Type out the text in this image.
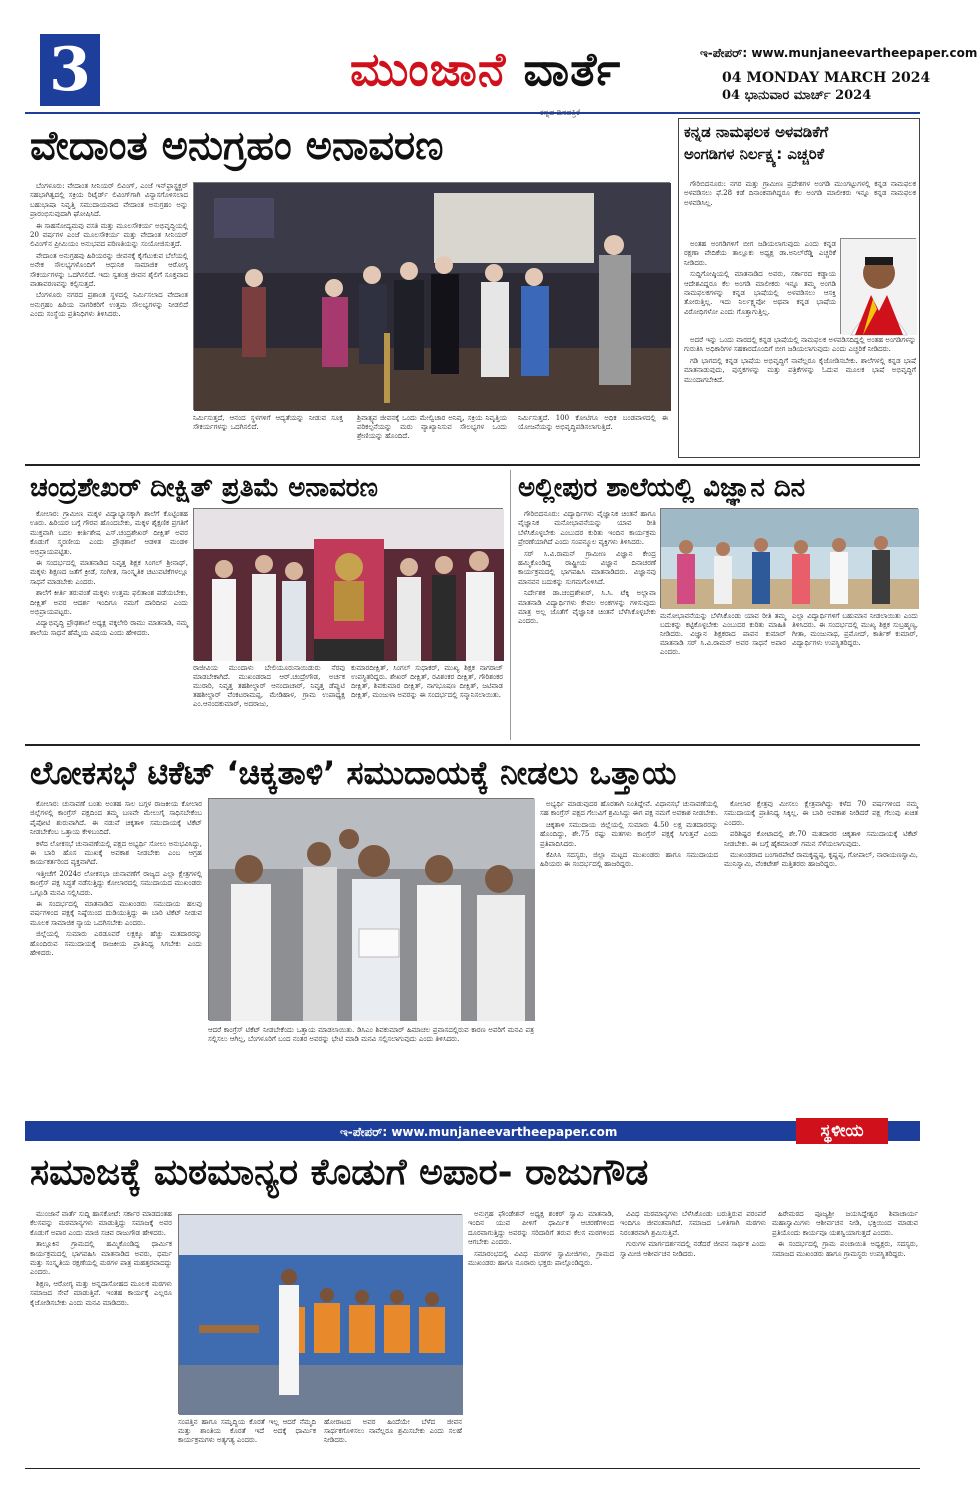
3	ಮುಂಜಾನೆ ವಾರ್ತೆ	ಇ-ಪೇಪರ್: www.munjaneevartheepaper.com
04 MONDAY MARCH 2024
04 ಭಾನುವಾರ ಮಾರ್ಚ್ 2024
ವೇದಾಂತ ಅನುಗ್ರಹಂ ಅನಾವರಣ

ಬೆಂಗಳೂರು: ವೇದಾಂತ ಸೀನಿಯರ್ ಲಿವಿಂಗ್, ಎಂಜೆ ಇನ್‌ಫ್ರಾಸ್ಟ್ರಕ್ಚರ್ ಸಹಭಾಗಿತ್ವದಲ್ಲಿ ಸಕ್ರಿಯ ರಿಟೈರ್ಡ್ ಲಿವಿಂಗ್‌ಗಾಗಿ ವಿನ್ಯಾಸಗೊಳಿಸಲಾದ ಬಹುಭಾಷಾ ನಿವೃತ್ತಿ ಸಮುದಾಯವಾದ ವೇದಾಂತ ಅನುಗ್ರಹಂ ಅನ್ನು ಪ್ರಾರಂಭಿಸುವುದಾಗಿ ಘೋಷಿಸಿದೆ.

ಈ ಸಾಹಸೋದ್ಯಮವು ವಸತಿ ಮತ್ತು ಮೂಲಸೌಕರ್ಯ ಅಭಿವೃದ್ಧಿಯಲ್ಲಿ 20 ವರ್ಷಗಳ ಎಂಜೆ ಮೂಲಸೌಕರ್ಯ ಮತ್ತು ವೇದಾಂತ ಸೀನಿಯರ್ ಲಿವಿಂಗ್‌ನ ಪ್ರೀಮಿಯಂ ಅನುಭವದ ಪರಿಣತಿಯನ್ನು ಸಂಯೋಜಿಸುತ್ತದೆ.

ವೇದಾಂತ ಅನುಗ್ರಹವು ಹಿರಿಯರನ್ನು ಜೀವನಕ್ಕೆ ಕೈಗೆಟುಕುವ ಬೆಲೆಯಲ್ಲಿ ಅನೇಕ ಸೌಲಭ್ಯಗಳೊಂದಿಗೆ ಆಧುನಿಕ ಸಾಮಾಜಿಕ ಆರೋಗ್ಯ ಸೌಕರ್ಯಗಳನ್ನು ಒದಗಿಸಲಿದೆ. ಇದು ಸ್ವತಂತ್ರ ಜೀವನ ಶೈಲಿಗೆ ಸೂಕ್ತವಾದ ವಾತಾವರಣವನ್ನು ಕಲ್ಪಿಸುತ್ತದೆ.

ಬೆಂಗಳೂರು ನಗರದ ಪ್ರಶಾಂತ ಸ್ಥಳದಲ್ಲಿ ನಿರ್ಮಿಸಲಾದ ವೇದಾಂತ ಅನುಗ್ರಹಂ ಹಿರಿಯ ನಾಗರಿಕರಿಗೆ ಉತ್ತಮ ಸೌಲಭ್ಯಗಳನ್ನು ನೀಡಲಿದೆ ಎಂದು ಸಂಸ್ಥೆಯ ಪ್ರತಿನಿಧಿಗಳು ತಿಳಿಸಿದರು.

ನಿರ್ಮಿಸುತ್ತದೆ, ಆನಂದ ಸ್ಥಳಗಳಿಗೆ ಆದ್ಯತೆಯನ್ನು ನೀಡುವ ಸೂಕ್ತ ಸೌಕರ್ಯಗಳನ್ನು ಒದಗಿಸಲಿದೆ.
ಶ್ರಿವಾತ್ಸ್ಯವ ಜೀವನಕ್ಕೆ ಒಂದು ಮೇಲ್ವಿಚಾರ ಅನಿವೃ, ಸಕ್ರಿಯ ನಿವೃತ್ತಿಯ ಪರಿಕಲ್ಪನೆಯನ್ನು ಮರು ವ್ಯಾಖ್ಯಾನಿಸುವ ಸೌಲಭ್ಯಗಳ ಒಂದು ಶ್ರೇಣಿಯನ್ನು ಹೊಂದಿದೆ.
ನಿರ್ಮಿಸುತ್ತದೆ. 100 ಕೋಟಿಗೂ ಅಧಿಕ ಬಂಡವಾಳದಲ್ಲಿ ಈ ಯೋಜನೆಯನ್ನು ಅಭಿವೃದ್ಧಿಪಡಿಸಲಾಗುತ್ತಿದೆ.
ಕನ್ನಡ ನಾಮಫಲಕ ಅಳವಡಿಕೆಗೆ
ಅಂಗಡಿಗಳ ನಿರ್ಲಕ್ಷ್ಯ: ಎಚ್ಚರಿಕೆ

ಗೌರಿಬಿದನೂರು: ನಗರ ಮತ್ತು ಗ್ರಾಮೀಣ ಪ್ರದೇಶಗಳ ಅಂಗಡಿ ಮುಂಗಟ್ಟುಗಳಲ್ಲಿ ಕನ್ನಡ ನಾಮಫಲಕ ಅಳವಡಿಸಲು ಫೆ.28 ಕಡೆ ದಿನಾಂಕವಾಗಿದ್ದರೂ ಕೆಲ ಅಂಗಡಿ ಮಾಲೀಕರು ಇನ್ನೂ ಕನ್ನಡ ನಾಮಫಲಕ ಅಳವಡಿಸಿಲ್ಲ.

ಅಂತಹ ಅಂಗಡಿಗಳಿಗೆ ಬೀಗ ಜಡಿಯಲಾಗುವುದು ಎಂದು ಕನ್ನಡ ರಕ್ಷಣಾ ವೇದಿಕೆಯ ತಾಲ್ಲೂಕು ಅಧ್ಯಕ್ಷ ಡಾ.ಅನಿಲ್‌ರೆಡ್ಡಿ ಎಚ್ಚರಿಕೆ ನೀಡಿದರು.

ಸುದ್ದಿಗೋಷ್ಠಿಯಲ್ಲಿ ಮಾತನಾಡಿದ ಅವರು, ಸರ್ಕಾರದ ಕಡ್ಡಾಯ ಆದೇಶವಿದ್ದರೂ ಕೆಲ ಅಂಗಡಿ ಮಾಲೀಕರು ಇನ್ನೂ ತಮ್ಮ ಅಂಗಡಿ ನಾಮಫಲಕಗಳನ್ನು ಕನ್ನಡ ಭಾಷೆಯಲ್ಲಿ ಅಳವಡಿಸಲು ಆಸಕ್ತಿ ತೋರುತ್ತಿಲ್ಲ. ಇದು ನಿರ್ಲಕ್ಷ್ಯವೋ ಅಥವಾ ಕನ್ನಡ ಭಾಷೆಯ ವಿರೋಧಿಗಳೋ ಎಂದು ಗೊತ್ತಾಗುತ್ತಿಲ್ಲ.

ಅದರೆ ಇನ್ನು ಒಂದು ವಾರದಲ್ಲಿ ಕನ್ನಡ ಭಾಷೆಯಲ್ಲಿ ನಾಮಫಲಕ ಅಳವಡಿಸದಿದ್ದಲ್ಲಿ ಅಂತಹ ಅಂಗಡಿಗಳನ್ನು ಗುರುತಿಸಿ ಅಧಿಕಾರಿಗಳ ಸಹಕಾರದೊಂದಿಗೆ ಬೀಗ ಜಡಿಯಲಾಗುವುದು ಎಂದು ಎಚ್ಚರಿಕೆ ನೀಡಿದರು.

ಗಡಿ ಭಾಗದಲ್ಲಿ ಕನ್ನಡ ಭಾಷೆಯ ಅಭಿವೃದ್ಧಿಗೆ ನಾವೆಲ್ಲರೂ ಕೈಜೋಡಿಸಬೇಕು. ಶಾಲೆಗಳಲ್ಲಿ ಕನ್ನಡ ಭಾಷೆ ಮಾತನಾಡುವುದು, ಪುಸ್ತಕಗಳನ್ನು ಮತ್ತು ಪತ್ರಿಕೆಗಳನ್ನು ಓದುವ ಮೂಲಕ ಭಾಷೆ ಅಭಿವೃದ್ಧಿಗೆ ಮುಂದಾಗಬೇಕಿದೆ.

ಚಂದ್ರಶೇಖರ್ ದೀಕ್ಷಿತ್ ಪ್ರತಿಮೆ ಅನಾವರಣ

ಕೋಲಾರ: ಗ್ರಾಮೀಣ ಮಕ್ಕಳ ವಿದ್ಯಾಭ್ಯಾಸಕ್ಕಾಗಿ ಶಾಲೆಗೆ ಕೊಟ್ಟಿಂತಹ ಊರು. ಹಿರಿಯರ ಬಗ್ಗೆ ಗೌರವ ಹೊಂದಬೇಕು, ಮಕ್ಕಳ ಶೈಕ್ಷಣಿಕ ಪ್ರಗತಿಗೆ ಮುಕ್ತವಾಗಿ ಬದಲ ಕೀರ್ತಿಶೇಷ ಎಸ್.ಚಂದ್ರಶೇಖರ್ ದೀಕ್ಷಿತ್ ಅವರ ಕೊಡುಗೆ ಸ್ಮರಣೀಯ ಎಂದು ಪ್ರೌಢಶಾಲೆ ಆಡಳಿತ ಮಂಡಳಿ ಅಭಿಪ್ರಾಯಪಟ್ಟಿತು.

ಈ ಸಂದರ್ಭದಲ್ಲಿ ಮಾತನಾಡಿದ ನಿವೃತ್ತ ಶಿಕ್ಷಕ ಸಿಂಗಲ್ ಶ್ರೀನಾಥ್, ಮಕ್ಕಳು ಶಿಕ್ಷಣದ ಜತೆಗೆ ಕ್ರೀಡೆ, ಸಂಗೀತ, ಸಾಂಸ್ಕೃತಿಕ ಚಟುವಟಿಕೆಗಳಲ್ಲೂ ಸಾಧನೆ ಮಾಡಬೇಕು ಎಂದರು.

ಶಾಲೆಗೆ ಕೀರ್ತಿ ತರುವಂತೆ ಮಕ್ಕಳು ಉತ್ತಮ ಫಲಿತಾಂಶ ಪಡೆಯಬೇಕು, ದೀಕ್ಷಿತ್ ಅವರ ಆದರ್ಶ ಇಂದಿಗೂ ನಮಗೆ ದಾರಿದೀಪ ಎಂದು ಅಭಿಪ್ರಾಯಪಟ್ಟರು.

ವಿದ್ಯಾಭಿವೃದ್ಧಿ ಪ್ರೌಢಶಾಲೆ ಅಧ್ಯಕ್ಷ ವಕ್ಕಲೇರಿ ರಾಮು ಮಾತನಾಡಿ, ನಮ್ಮ ಶಾಲೆಯ ಸಾಧನೆ ಹೆಮ್ಮೆಯ ವಿಷಯ ಎಂದು ಹೇಳಿದರು.

ರಾಜೀವಿಯ ಮುಂದಾಳು ಬೇಲಿಯೂರುನಾಯಿಡುರು ನೆರವು ಮಾಡಬೇಕಾಗಿದೆ. ಮುಖಂಡರಾದ ಆರ್.ಚಂದ್ರೇಗೌಡ, ಅರ್ಚಕ ಮುರಾರಿ, ನಿವೃತ್ತ ತಹಶೀಲ್ದಾರ್ ಆನಂದಾಚಾರ್, ನಿವೃತ್ತ ಡೆಪ್ಯುಟಿ ತಹಶೀಲ್ದಾರ್ ವೆಂಕಟರಾಮಪ್ಪ, ಮೇಡಿಹಾಳ, ಗ್ರಾಮ ಉಪಾಧ್ಯಕ್ಷ ಎಂ.ಆನಂದಕುಮಾರ್, ಅದರಾಜು,
ಕುಮಾರದೀಕ್ಷಿತ್, ಸಿಂಗಲ್ ಸುಧಾಕರ್, ಮುಖ್ಯ ಶಿಕ್ಷಕ ನಾಗರಾಜ್ ಉಪಸ್ಥಿತರಿದ್ದರು. ಶೇಖರ್ ದೀಕ್ಷಿತ್, ರವಿಶಂಕರ ದೀಕ್ಷಿತ್, ಗೌರಿಶಂಕರ ದೀಕ್ಷಿತ್, ಶಿವಕುಮಾರ ದೀಕ್ಷಿತ್, ನಾಗಭೂಷಣ ದೀಕ್ಷಿತ್, ಜಟಿವಾಡ ದೀಕ್ಷಿತ್, ಮಂಜುಳಾ ಅವರನ್ನು ಈ ಸಂದರ್ಭದಲ್ಲಿ ಸನ್ಮಾನಿಸಲಾಯಿತು.
ಅಲ್ಲೀಪುರ ಶಾಲೆಯಲ್ಲಿ ವಿಜ್ಞಾನ ದಿನ

ಗೌರಿಬಿದನೂರು: ವಿದ್ಯಾರ್ಥಿಗಳು ವೈಜ್ಞಾನಿಕ ಚಿಂತನೆ ಹಾಗೂ ವೈಜ್ಞಾನಿಕ ಮನೋಭಾವನೆಯನ್ನು ಯಾವ ರೀತಿ ಬೆಳೆಸಿಕೊಳ್ಳಬೇಕು ಎಂಬುದರ ಕುರಿತು ಇಂದಿನ ಕಾರ್ಯಕ್ರಮ ಪ್ರೇರಣೆಯಾಗಿದೆ ಎಂದು ಸಂಪನ್ಮೂಲ ವ್ಯಕ್ತಿಗಳು ತಿಳಿಸಿದರು.

ಸರ್ ಸಿ.ವಿ.ರಾಮನ್ ಗ್ರಾಮೀಣ ವಿಜ್ಞಾನ ಕೇಂದ್ರ ಹಮ್ಮಿಕೊಂಡಿದ್ದ ರಾಷ್ಟ್ರೀಯ ವಿಜ್ಞಾನ ದಿನಾಚರಣೆ ಕಾರ್ಯಕ್ರಮದಲ್ಲಿ ಭಾಗವಹಿಸಿ ಮಾತನಾಡಿದರು. ವಿಜ್ಞಾನವು ಮಾನವನ ಬದುಕನ್ನು ಸುಗಮಗೊಳಿಸಿದೆ.

ನಿರ್ದೇಶಕ ಡಾ.ಚಂದ್ರಶೇಖರ್, ಸಿ.ಸಿ. ಟೆಕ್ಕಿ ಅಲ್ಲಾವಾ ಮಾತನಾಡಿ ವಿದ್ಯಾರ್ಥಿಗಳು ಕೇವಲ ಅಂಕಗಳನ್ನು ಗಳಿಸುವುದು ಮಾತ್ರ ಅಲ್ಲ ಜೊತೆಗೆ ವೈಜ್ಞಾನಿಕ ಚಿಂತನೆ ಬೆಳೆಸಿಕೊಳ್ಳಬೇಕು ಎಂದರು.

ಮನೋಭಾವನೆಯನ್ನು ಬೆಳೆಸಿಕೊಂಡು ಯಾವ ರೀತಿ ತಮ್ಮ ಬದುಕನ್ನು ಕಟ್ಟಿಕೊಳ್ಳಬೇಕು ಎಂಬುದರ ಕುರಿತು ಮಾಹಿತಿ ನೀಡಿದರು. ವಿಜ್ಞಾನ ಶಿಕ್ಷಕರಾದ ಪಾವನ ಕುಮಾರ್ ಮಾತನಾಡಿ ಸರ್ ಸಿ.ವಿ.ರಾಮನ್ ಅವರ ಸಾಧನೆ ಅಪಾರ ಎಂದರು.
ಎಲ್ಲಾ ವಿದ್ಯಾರ್ಥಿಗಳಿಗೆ ಬಹುಮಾನ ನೀಡಲಾಯಿತು ಎಂದು ತಿಳಿಸಿದರು. ಈ ಸಂದರ್ಭದಲ್ಲಿ ಮುಖ್ಯ ಶಿಕ್ಷಕ ಸುಬ್ರಹ್ಮಣ್ಯ, ಗೀತಾ, ಮಂಜುನಾಥ, ಪ್ರಮೋದ್, ಕಾರ್ತಿಕ್ ಕುಮಾರ್, ವಿದ್ಯಾರ್ಥಿಗಳು ಉಪಸ್ಥಿತರಿದ್ದರು.
ಲೋಕಸಭೆ ಟಿಕೆಟ್ ‘ಚಿಕ್ಕತಾಳಿ’ ಸಮುದಾಯಕ್ಕೆ ನೀಡಲು ಒತ್ತಾಯ

ಕೋಲಾರ: ಚುನಾವಣೆ ಬಂತು ಅಂತಹ ಸಾಲ ಬಗ್ಗಳ ರಾಜಕೀಯ ಕೋಲಾರ ಜಿಲ್ಲೆಗಳಲ್ಲಿ ಕಾಂಗ್ರೆಸ್ ಪಕ್ಷದಿಂದ ತಮ್ಮ ಬಣವೇ ಮೇಲುಗೈ ಸಾಧಿಸಬೇಕೆಂಬ ಪೈಪೋಟಿ ಶುರುವಾಗಿದೆ. ಈ ನಡುವೆ ಚಿಕ್ಕತಾಳಿ ಸಮುದಾಯಕ್ಕೆ ಟಿಕೆಟ್ ನೀಡಬೇಕೆಂಬ ಒತ್ತಾಯ ಕೇಳಿಬಂದಿದೆ.

ಕಳೆದ ಲೋಕಸಭೆ ಚುನಾವಣೆಯಲ್ಲಿ ಪಕ್ಷದ ಅಭ್ಯರ್ಥಿ ಸೋಲು ಅನುಭವಿಸಿದ್ದು, ಈ ಬಾರಿ ಹೊಸ ಮುಖಕ್ಕೆ ಅವಕಾಶ ನೀಡಬೇಕು ಎಂಬ ಆಗ್ರಹ ಕಾರ್ಯಕರ್ತರಿಂದ ವ್ಯಕ್ತವಾಗಿದೆ.

ಇತ್ತೀಚೆಗೆ 2024ರ ಲೋಕಸಭಾ ಚುನಾವಣೆಗೆ ರಾಜ್ಯದ ಎಲ್ಲಾ ಕ್ಷೇತ್ರಗಳಲ್ಲಿ ಕಾಂಗ್ರೆಸ್ ಪಕ್ಷ ಸಿದ್ಧತೆ ನಡೆಸುತ್ತಿದ್ದು ಕೋಲಾರದಲ್ಲಿ ಸಮುದಾಯದ ಮುಖಂಡರು ಒಗ್ಗೂಡಿ ಮನವಿ ಸಲ್ಲಿಸಿದರು.

ಈ ಸಂದರ್ಭದಲ್ಲಿ ಮಾತನಾಡಿದ ಮುಖಂಡರು ಸಮುದಾಯ ಹಲವು ವರ್ಷಗಳಿಂದ ಪಕ್ಷಕ್ಕೆ ನಿಷ್ಠೆಯಿಂದ ದುಡಿಯುತ್ತಿದ್ದು ಈ ಬಾರಿ ಟಿಕೆಟ್ ನೀಡುವ ಮೂಲಕ ಸಾಮಾಜಿಕ ನ್ಯಾಯ ಒದಗಿಸಬೇಕು ಎಂದರು.

ಜಿಲ್ಲೆಯಲ್ಲಿ ಸುಮಾರು ಎರಡೂವರೆ ಲಕ್ಷಕ್ಕೂ ಹೆಚ್ಚು ಮತದಾರರನ್ನು ಹೊಂದಿರುವ ಸಮುದಾಯಕ್ಕೆ ರಾಜಕೀಯ ಪ್ರಾತಿನಿಧ್ಯ ಸಿಗಬೇಕು ಎಂದು ಹೇಳಿದರು.

ಆದರೆ ಕಾಂಗ್ರೆಸ್ ಟಿಕೆಟ್ ನೀಡಬೇಕೆಂದು ಒತ್ತಾಯ ಮಾಡಲಾಯಿತು. ಡಿಸಿಎಂ ಶಿವಕುಮಾರ್ ಹಿಮಾಚಲ ಪ್ರವಾಸದಲ್ಲಿರುವ ಕಾರಣ ಅವರಿಗೆ ಮನವಿ ಪತ್ರ ಸಲ್ಲಿಸಲು ಆಗಿಲ್ಲ, ಬೆಂಗಳೂರಿಗೆ ಬಂದ ನಂತರ ಅವರನ್ನು ಭೇಟಿ ಮಾಡಿ ಮನವಿ ಸಲ್ಲಿಸಲಾಗುವುದು ಎಂದು ತಿಳಿಸಿದರು.

ಅಭ್ಯರ್ಥಿ ಮಾಡುವುದರ ಹೊರತಾಗಿ ನಿಂತಿದ್ದೇವೆ. ವಿಧಾನಸಭೆ ಚುನಾವಣೆಯಲ್ಲಿ ಸಹ ಕಾಂಗ್ರೆಸ್ ಪಕ್ಷದ ಗೆಲುವಿಗೆ ಶ್ರಮಿಸಿದ್ದು ಈಗ ಪಕ್ಷ ನಮಗೆ ಅವಕಾಶ ನೀಡಬೇಕು.

ಚಿಕ್ಕತಾಳಿ ಸಮುದಾಯ ಜಿಲ್ಲೆಯಲ್ಲಿ ಸುಮಾರು 4.50 ಲಕ್ಷ ಮತದಾರರನ್ನು ಹೊಂದಿದ್ದು, ಶೇ.75 ರಷ್ಟು ಮತಗಳು ಕಾಂಗ್ರೆಸ್ ಪಕ್ಷಕ್ಕೆ ಸಿಗುತ್ತವೆ ಎಂದು ಪ್ರತಿಪಾದಿಸಿದರು.

ಕೆಪಿಸಿಸಿ ಸದಸ್ಯರು, ಜಿಲ್ಲಾ ಮಟ್ಟದ ಮುಖಂಡರು ಹಾಗೂ ಸಮುದಾಯದ ಹಿರಿಯರು ಈ ಸಂದರ್ಭದಲ್ಲಿ ಹಾಜರಿದ್ದರು.

ಕೋಲಾರ ಕ್ಷೇತ್ರವು ಮೀಸಲು ಕ್ಷೇತ್ರವಾಗಿದ್ದು ಕಳೆದ 70 ವರ್ಷಗಳಿಂದ ನಮ್ಮ ಸಮುದಾಯಕ್ಕೆ ಪ್ರಾತಿನಿಧ್ಯ ಸಿಕ್ಕಿಲ್ಲ. ಈ ಬಾರಿ ಅವಕಾಶ ನೀಡಿದರೆ ಪಕ್ಷ ಗೆಲುವು ಖಚಿತ ಎಂದರು.

ಪರಿಶಿಷ್ಟರ ಕೋಟಾದಲ್ಲಿ ಶೇ.70 ಮತದಾರರ ಚಿಕ್ಕತಾಳಿ ಸಮುದಾಯಕ್ಕೆ ಟಿಕೆಟ್ ನೀಡಬೇಕು. ಈ ಬಗ್ಗೆ ಹೈಕಮಾಂಡ್ ಗಮನ ಸೆಳೆಯಲಾಗುವುದು.

ಮುಖಂಡರಾದ ಬಂಗಾರಪೇಟೆ ರಾಮಕೃಷ್ಣಪ್ಪ, ಕೃಷ್ಣಪ್ಪ, ಗೋಪಾಲ್, ನಾರಾಯಣಸ್ವಾಮಿ, ಮುನಿಸ್ವಾಮಿ, ವೆಂಕಟೇಶ್ ಮತ್ತಿತರರು ಹಾಜರಿದ್ದರು.

ಇ-ಪೇಪರ್: www.munjaneevartheepaper.com	ಸ್ಥಳೀಯ
ಸಮಾಜಕ್ಕೆ ಮಠಮಾನ್ಯರ ಕೊಡುಗೆ ಅಪಾರ- ರಾಜುಗೌಡ

ಮುಂಜಾನೆ ವಾರ್ತೆ ಸುದ್ದಿ ಹಾಸಕೋಟೆ: ಸರ್ಕಾರ ಮಾಡದಂತಹ ಕೆಲಸವನ್ನು ಮಠಮಾನ್ಯಗಳು ಮಾಡುತ್ತಿದ್ದು ಸಮಾಜಕ್ಕೆ ಅವರ ಕೊಡುಗೆ ಅಪಾರ ಎಂದು ಮಾಜಿ ಸಚಿವ ರಾಜುಗೌಡ ಹೇಳಿದರು.

ತಾಲ್ಲೂಕಿನ ಗ್ರಾಮದಲ್ಲಿ ಹಮ್ಮಿಕೊಂಡಿದ್ದ ಧಾರ್ಮಿಕ ಕಾರ್ಯಕ್ರಮದಲ್ಲಿ ಭಾಗವಹಿಸಿ ಮಾತನಾಡಿದ ಅವರು, ಧರ್ಮ ಮತ್ತು ಸಂಸ್ಕೃತಿಯ ರಕ್ಷಣೆಯಲ್ಲಿ ಮಠಗಳ ಪಾತ್ರ ಮಹತ್ತರವಾದದ್ದು ಎಂದರು.

ಶಿಕ್ಷಣ, ಆರೋಗ್ಯ ಮತ್ತು ಅನ್ನದಾಸೋಹದ ಮೂಲಕ ಮಠಗಳು ಸಮಾಜದ ಸೇವೆ ಮಾಡುತ್ತಿವೆ. ಇಂತಹ ಕಾರ್ಯಕ್ಕೆ ಎಲ್ಲರೂ ಕೈಜೋಡಿಸಬೇಕು ಎಂದು ಮನವಿ ಮಾಡಿದರು.

ಸಂಪತ್ತಿನ ಹಾಗೂ ಸಮೃದ್ಧಿಯ ಕೊರತೆ ಇಲ್ಲ ಆದರೆ ನೆಮ್ಮದಿ ಮತ್ತು ಶಾಂತಿಯ ಕೊರತೆ ಇದೆ ಅದಕ್ಕೆ ಧಾರ್ಮಿಕ ಕಾರ್ಯಕ್ರಮಗಳು ಅತ್ಯಗತ್ಯ ಎಂದರು.
ಹೋರಾಟದ ಅವರ ಹಿಂದೆಯೇ ಬೆಳೆದ ಜೀವನ ಸಾರ್ಥಕಗೊಳಿಸಲು ನಾವೆಲ್ಲರೂ ಶ್ರಮಿಸಬೇಕು ಎಂದು ಸಲಹೆ ನೀಡಿದರು.

ಅನುಗ್ರಹ ಫೌಂಡೇಶನ್ ಅಧ್ಯಕ್ಷ ಶಂಕರ್ ಸ್ವಾಮಿ ಮಾತನಾಡಿ, ಇಂದಿನ ಯುವ ಪೀಳಿಗೆ ಧಾರ್ಮಿಕ ಆಚರಣೆಗಳಿಂದ ದೂರವಾಗುತ್ತಿದ್ದು ಅವರನ್ನು ಸರಿದಾರಿಗೆ ತರುವ ಕೆಲಸ ಮಠಗಳಿಂದ ಆಗಬೇಕು ಎಂದರು.

ಸಮಾರಂಭದಲ್ಲಿ ವಿವಿಧ ಮಠಗಳ ಸ್ವಾಮೀಜಿಗಳು, ಗ್ರಾಮದ ಮುಖಂಡರು ಹಾಗೂ ನೂರಾರು ಭಕ್ತರು ಪಾಲ್ಗೊಂಡಿದ್ದರು.

ವಿವಿಧ ಮಠಮಾನ್ಯಗಳು ಬೆಳೆಸಿಕೊಂಡು ಬರುತ್ತಿರುವ ಪರಂಪರೆ ಇಂದಿಗೂ ಜೀವಂತವಾಗಿದೆ. ಸಮಾಜದ ಒಳಿತಿಗಾಗಿ ಮಠಗಳು ನಿರಂತರವಾಗಿ ಶ್ರಮಿಸುತ್ತಿವೆ.

ಗುರುಗಳ ಮಾರ್ಗದರ್ಶನದಲ್ಲಿ ನಡೆದರೆ ಜೀವನ ಸಾರ್ಥಕ ಎಂದು ಸ್ವಾಮೀಜಿ ಆಶೀರ್ವಚನ ನೀಡಿದರು.

ಹಿರೇಮಠದ ಪೂಜ್ಯಶ್ರೀ ಜಯಸಿದ್ದೇಶ್ವರ ಶಿವಾಚಾರ್ಯ ಮಹಾಸ್ವಾಮಿಗಳು ಆಶೀರ್ವಚನ ನೀಡಿ, ಭಕ್ತಿಯಿಂದ ಮಾಡುವ ಪ್ರತಿಯೊಂದು ಕಾರ್ಯವೂ ಯಶಸ್ವಿಯಾಗುತ್ತದೆ ಎಂದರು.

ಈ ಸಂದರ್ಭದಲ್ಲಿ ಗ್ರಾಮ ಪಂಚಾಯಿತಿ ಅಧ್ಯಕ್ಷರು, ಸದಸ್ಯರು, ಸಮಾಜದ ಮುಖಂಡರು ಹಾಗೂ ಗ್ರಾಮಸ್ಥರು ಉಪಸ್ಥಿತರಿದ್ದರು.
